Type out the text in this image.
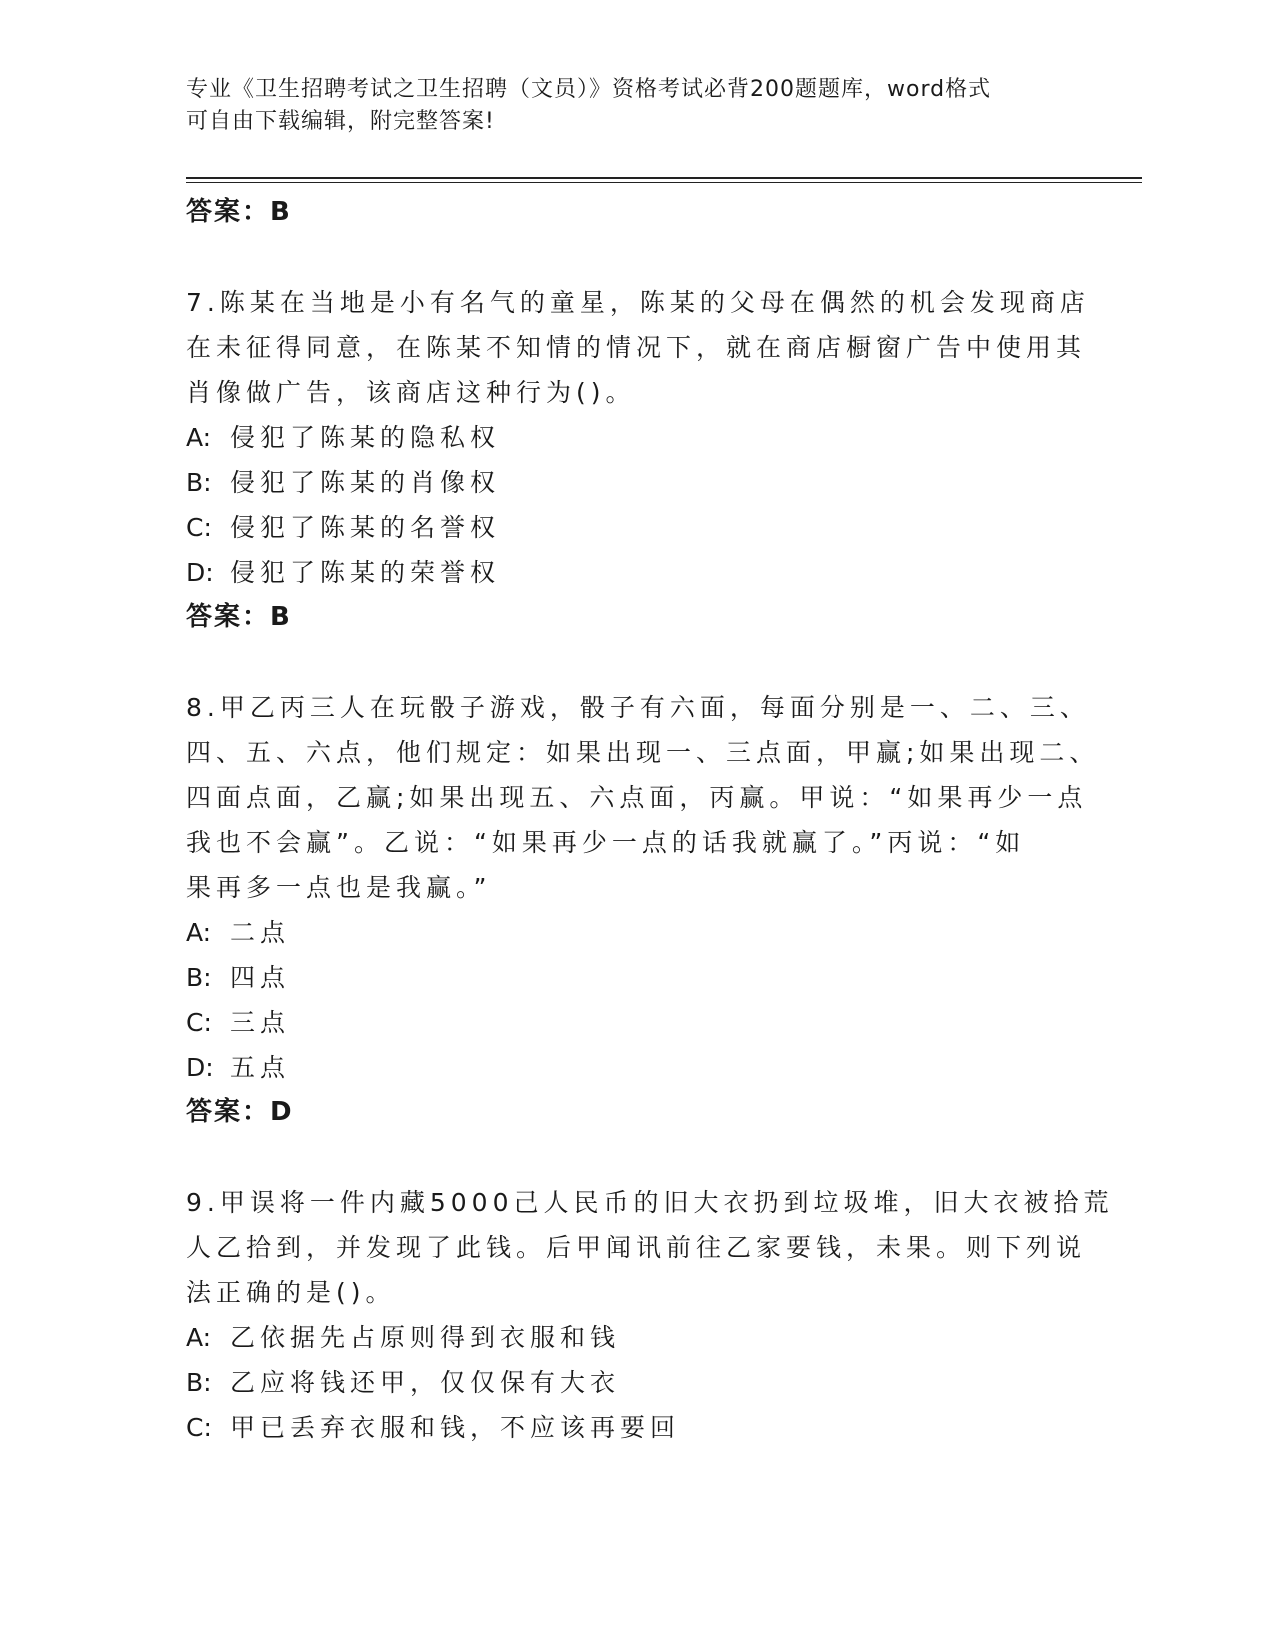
专业《卫生招聘考试之卫生招聘（文员）》资格考试必背200题题库，word格式
可自由下载编辑，附完整答案!
答案：B
7.陈某在当地是小有名气的童星，陈某的父母在偶然的机会发现商店
在未征得同意，在陈某不知情的情况下，就在商店橱窗广告中使用其
肖像做广告，该商店这种行为()。
A: 侵犯了陈某的隐私权
B: 侵犯了陈某的肖像权
C: 侵犯了陈某的名誉权
D: 侵犯了陈某的荣誉权
答案：B
8.甲乙丙三人在玩骰子游戏，骰子有六面，每面分别是一、二、三、
四、五、六点，他们规定：如果出现一、三点面，甲赢;如果出现二、
四面点面，乙赢;如果出现五、六点面，丙赢。甲说：“如果再少一点
我也不会赢”。乙说：“如果再少一点的话我就赢了。”丙说：“如
果再多一点也是我赢。”
A: 二点
B: 四点
C: 三点
D: 五点
答案：D
9.甲误将一件内藏5000己人民币的旧大衣扔到垃圾堆，旧大衣被拾荒
人乙拾到，并发现了此钱。后甲闻讯前往乙家要钱，未果。则下列说
法正确的是()。
A: 乙依据先占原则得到衣服和钱
B: 乙应将钱还甲，仅仅保有大衣
C: 甲已丢弃衣服和钱，不应该再要回
